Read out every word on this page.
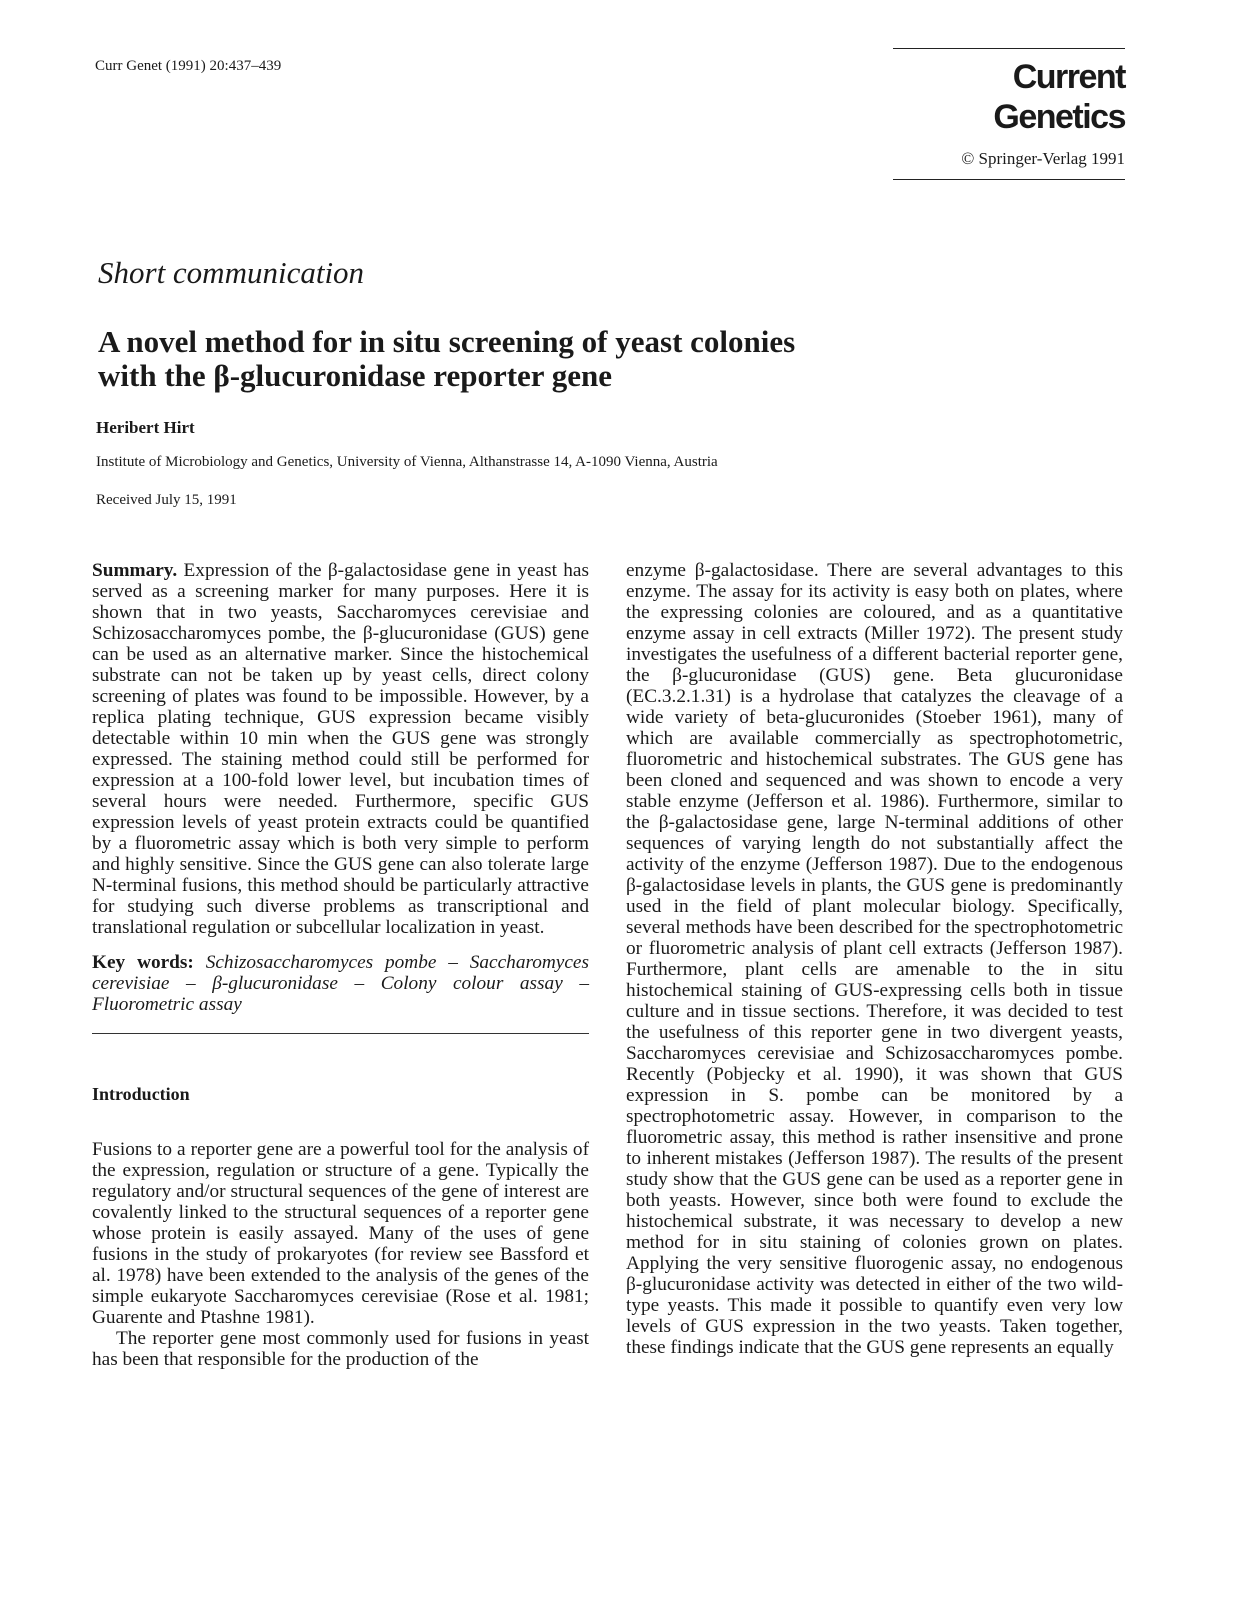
Curr Genet (1991) 20:437–439	Current Genetics
© Springer-Verlag 1991
Short communication
A novel method for in situ screening of yeast colonies
with the β-glucuronidase reporter gene
Heribert Hirt
Institute of Microbiology and Genetics, University of Vienna, Althanstrasse 14, A-1090 Vienna, Austria
Received July 15, 1991

Summary. Expression of the β-galactosidase gene in yeast has served as a screening marker for many purposes. Here it is shown that in two yeasts, Saccharomyces cerevisiae and Schizosaccharomyces pombe, the β-glucuronidase (GUS) gene can be used as an alternative marker. Since the histochemical substrate can not be taken up by yeast cells, direct colony screening of plates was found to be impossible. However, by a replica plating technique, GUS expression became visibly detectable within 10 min when the GUS gene was strongly expressed. The staining method could still be performed for expression at a 100-fold lower level, but incubation times of several hours were needed. Furthermore, specific GUS expression levels of yeast protein extracts could be quantified by a fluorometric assay which is both very simple to perform and highly sensitive. Since the GUS gene can also tolerate large N-terminal fusions, this method should be particularly attractive for studying such diverse problems as transcriptional and translational regulation or subcellular localization in yeast.

Key words: Schizosaccharomyces pombe – Saccharomyces cerevisiae – β-glucuronidase – Colony colour assay – Fluorometric assay

Introduction

Fusions to a reporter gene are a powerful tool for the analysis of the expression, regulation or structure of a gene. Typically the regulatory and/or structural sequences of the gene of interest are covalently linked to the structural sequences of a reporter gene whose protein is easily assayed. Many of the uses of gene fusions in the study of prokaryotes (for review see Bassford et al. 1978) have been extended to the analysis of the genes of the simple eukaryote Saccharomyces cerevisiae (Rose et al. 1981; Guarente and Ptashne 1981).

The reporter gene most commonly used for fusions in yeast has been that responsible for the production of the

enzyme β-galactosidase. There are several advantages to this enzyme. The assay for its activity is easy both on plates, where the expressing colonies are coloured, and as a quantitative enzyme assay in cell extracts (Miller 1972). The present study investigates the usefulness of a different bacterial reporter gene, the β-glucuronidase (GUS) gene. Beta glucuronidase (EC.3.2.1.31) is a hydrolase that catalyzes the cleavage of a wide variety of beta-glucuronides (Stoeber 1961), many of which are available commercially as spectrophotometric, fluorometric and histochemical substrates. The GUS gene has been cloned and sequenced and was shown to encode a very stable enzyme (Jefferson et al. 1986). Furthermore, similar to the β-galactosidase gene, large N-terminal additions of other sequences of varying length do not substantially affect the activity of the enzyme (Jefferson 1987). Due to the endogenous β-galactosidase levels in plants, the GUS gene is predominantly used in the field of plant molecular biology. Specifically, several methods have been described for the spectrophotometric or fluorometric analysis of plant cell extracts (Jefferson 1987). Furthermore, plant cells are amenable to the in situ histochemical staining of GUS-expressing cells both in tissue culture and in tissue sections. Therefore, it was decided to test the usefulness of this reporter gene in two divergent yeasts, Saccharomyces cerevisiae and Schizosaccharomyces pombe. Recently (Pobjecky et al. 1990), it was shown that GUS expression in S. pombe can be monitored by a spectrophotometric assay. However, in comparison to the fluorometric assay, this method is rather insensitive and prone to inherent mistakes (Jefferson 1987). The results of the present study show that the GUS gene can be used as a reporter gene in both yeasts. However, since both were found to exclude the histochemical substrate, it was necessary to develop a new method for in situ staining of colonies grown on plates. Applying the very sensitive fluorogenic assay, no endogenous β-glucuronidase activity was detected in either of the two wild-type yeasts. This made it possible to quantify even very low levels of GUS expression in the two yeasts. Taken together, these findings indicate that the GUS gene represents an equally
